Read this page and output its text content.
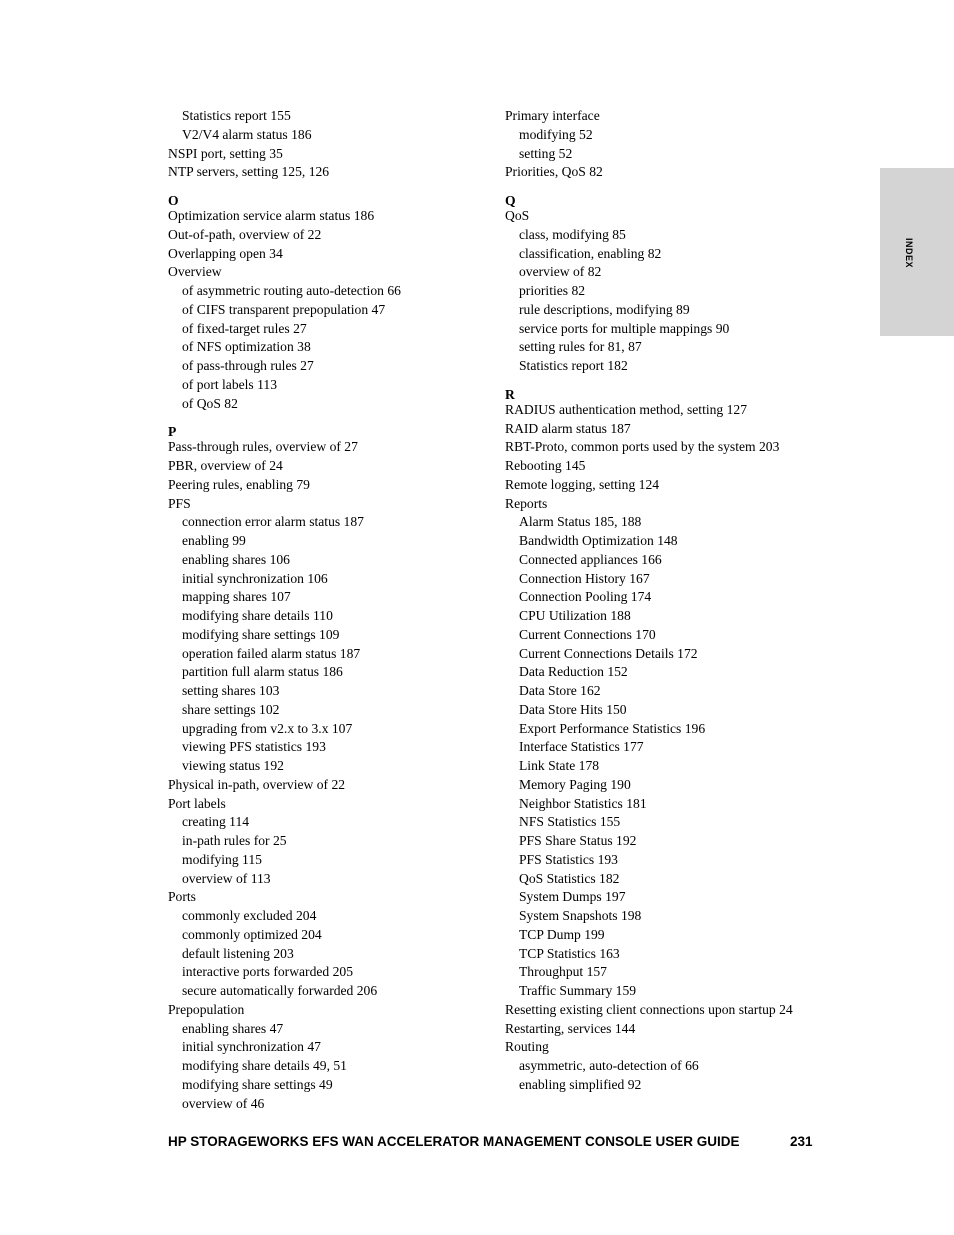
Statistics report 155
V2/V4 alarm status 186
NSPI port, setting 35
NTP servers, setting 125, 126
O
Optimization service alarm status 186
Out-of-path, overview of 22
Overlapping open 34
Overview
of asymmetric routing auto-detection 66
of CIFS transparent prepopulation 47
of fixed-target rules 27
of NFS optimization 38
of pass-through rules 27
of port labels 113
of QoS 82
P
Pass-through rules, overview of 27
PBR, overview of 24
Peering rules, enabling 79
PFS
connection error alarm status 187
enabling 99
enabling shares 106
initial synchronization 106
mapping shares 107
modifying share details 110
modifying share settings 109
operation failed alarm status 187
partition full alarm status 186
setting shares 103
share settings 102
upgrading from v2.x to 3.x 107
viewing PFS statistics 193
viewing status 192
Physical in-path, overview of 22
Port labels
creating 114
in-path rules for 25
modifying 115
overview of 113
Ports
commonly excluded 204
commonly optimized 204
default listening 203
interactive ports forwarded 205
secure automatically forwarded 206
Prepopulation
enabling shares 47
initial synchronization 47
modifying share details 49, 51
modifying share settings 49
overview of 46
Primary interface
modifying 52
setting 52
Priorities, QoS 82
Q
QoS
class, modifying 85
classification, enabling 82
overview of 82
priorities 82
rule descriptions, modifying 89
service ports for multiple mappings 90
setting rules for 81, 87
Statistics report 182
R
RADIUS authentication method, setting 127
RAID alarm status 187
RBT-Proto, common ports used by the system 203
Rebooting 145
Remote logging, setting 124
Reports
Alarm Status 185, 188
Bandwidth Optimization 148
Connected appliances 166
Connection History 167
Connection Pooling 174
CPU Utilization 188
Current Connections 170
Current Connections Details 172
Data Reduction 152
Data Store 162
Data Store Hits 150
Export Performance Statistics 196
Interface Statistics 177
Link State 178
Memory Paging 190
Neighbor Statistics 181
NFS Statistics 155
PFS Share Status 192
PFS Statistics 193
QoS Statistics 182
System Dumps 197
System Snapshots 198
TCP Dump 199
TCP Statistics 163
Throughput 157
Traffic Summary 159
Resetting existing client connections upon startup 24
Restarting, services 144
Routing
asymmetric, auto-detection of 66
enabling simplified 92
INDEX
HP STORAGEWORKS EFS WAN ACCELERATOR MANAGEMENT CONSOLE USER GUIDE	231
